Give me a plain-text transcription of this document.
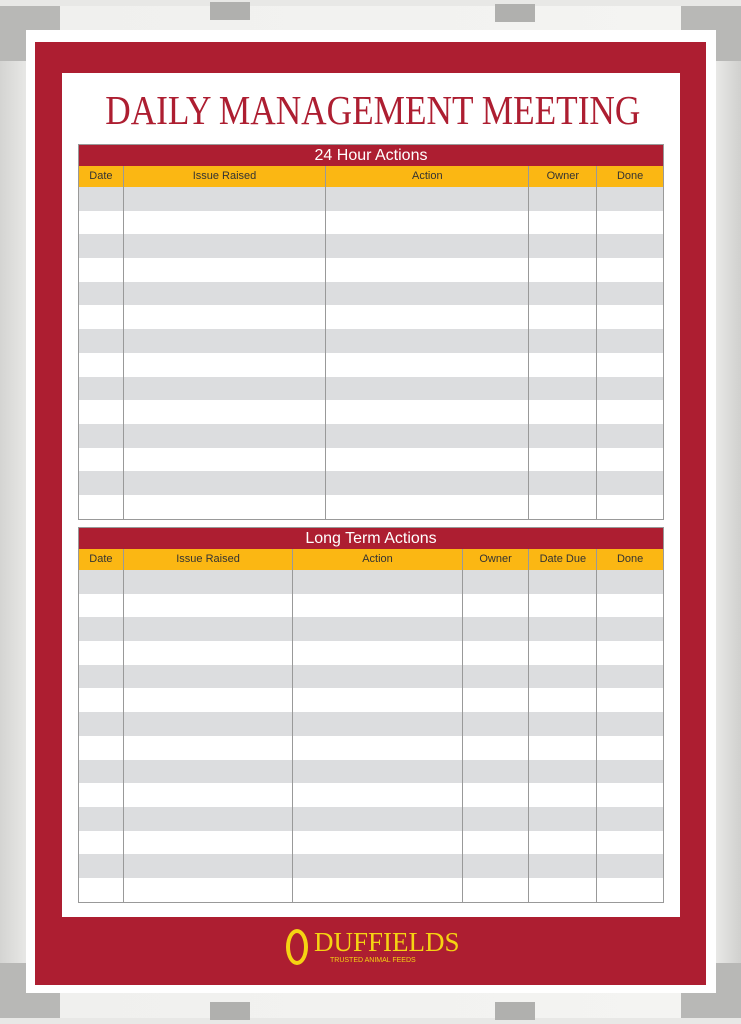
DAILY MANAGEMENT MEETING
24 Hour Actions
Date	Issue Raised	Action	Owner	Done
Long Term Actions
Date	Issue Raised	Action	Owner	Date Due	Done
DUFFIELDS
TRUSTED ANIMAL FEEDS
